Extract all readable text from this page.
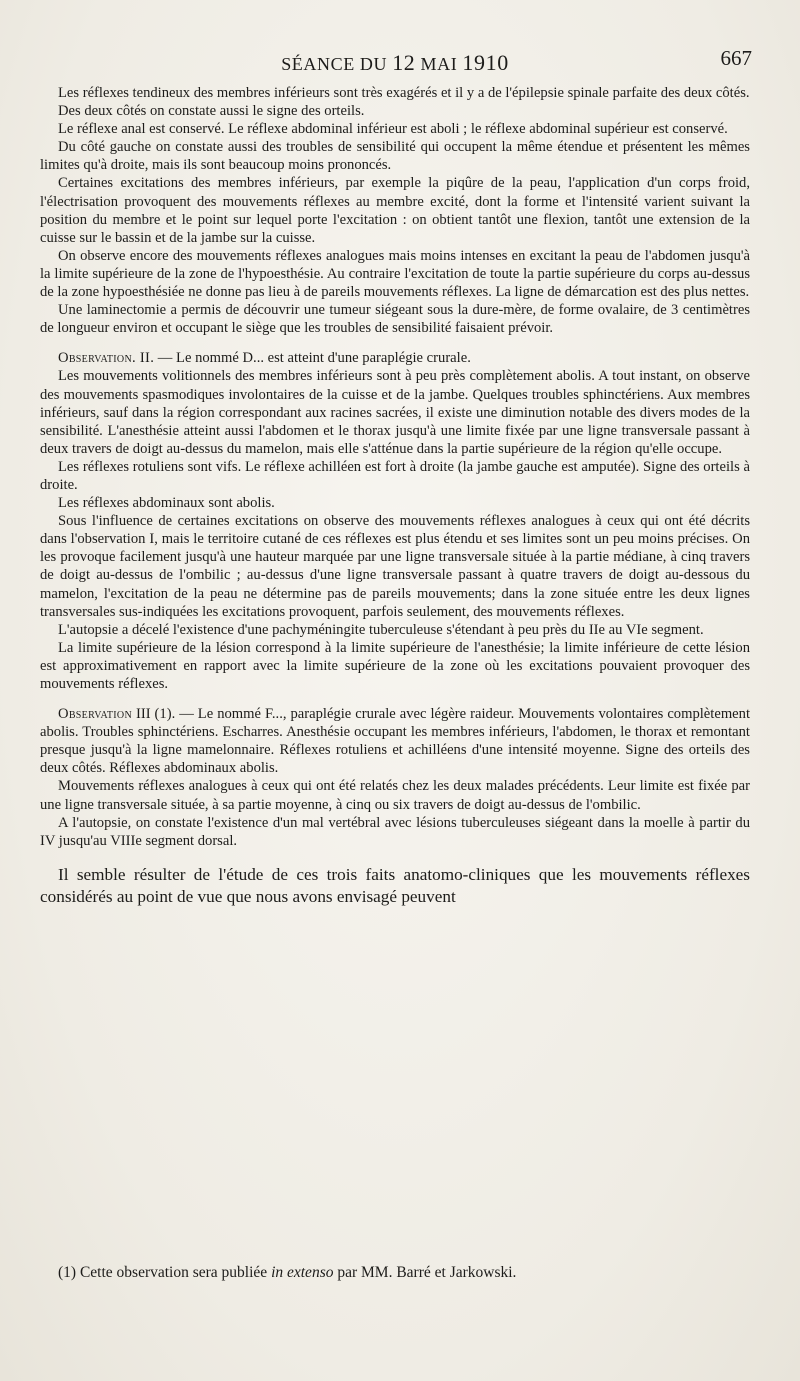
SÉANCE DU 12 MAI 1910	667

Les réflexes tendineux des membres inférieurs sont très exagérés et il y a de l'épilepsie spinale parfaite des deux côtés.

Des deux côtés on constate aussi le signe des orteils.

Le réflexe anal est conservé. Le réflexe abdominal inférieur est aboli ; le réflexe abdominal supérieur est conservé.

Du côté gauche on constate aussi des troubles de sensibilité qui occupent la même étendue et présentent les mêmes limites qu'à droite, mais ils sont beaucoup moins prononcés.

Certaines excitations des membres inférieurs, par exemple la piqûre de la peau, l'application d'un corps froid, l'électrisation provoquent des mouvements réflexes au membre excité, dont la forme et l'intensité varient suivant la position du membre et le point sur lequel porte l'excitation : on obtient tantôt une flexion, tantôt une extension de la cuisse sur le bassin et de la jambe sur la cuisse.

On observe encore des mouvements réflexes analogues mais moins intenses en excitant la peau de l'abdomen jusqu'à la limite supérieure de la zone de l'hypoesthésie. Au contraire l'excitation de toute la partie supérieure du corps au-dessus de la zone hypoesthésiée ne donne pas lieu à de pareils mouvements réflexes. La ligne de démarcation est des plus nettes.

Une laminectomie a permis de découvrir une tumeur siégeant sous la dure-mère, de forme ovalaire, de 3 centimètres de longueur environ et occupant le siège que les troubles de sensibilité faisaient prévoir.

Observation. II. — Le nommé D... est atteint d'une paraplégie crurale.

Les mouvements volitionnels des membres inférieurs sont à peu près complètement abolis. A tout instant, on observe des mouvements spasmodiques involontaires de la cuisse et de la jambe. Quelques troubles sphinctériens. Aux membres inférieurs, sauf dans la région correspondant aux racines sacrées, il existe une diminution notable des divers modes de la sensibilité. L'anesthésie atteint aussi l'abdomen et le thorax jusqu'à une limite fixée par une ligne transversale passant à deux travers de doigt au-dessus du mamelon, mais elle s'atténue dans la partie supérieure de la région qu'elle occupe.

Les réflexes rotuliens sont vifs. Le réflexe achilléen est fort à droite (la jambe gauche est amputée). Signe des orteils à droite.

Les réflexes abdominaux sont abolis.

Sous l'influence de certaines excitations on observe des mouvements réflexes analogues à ceux qui ont été décrits dans l'observation I, mais le territoire cutané de ces réflexes est plus étendu et ses limites sont un peu moins précises. On les provoque facilement jusqu'à une hauteur marquée par une ligne transversale située à la partie médiane, à cinq travers de doigt au-dessus de l'ombilic ; au-dessus d'une ligne transversale passant à quatre travers de doigt au-dessous du mamelon, l'excitation de la peau ne détermine pas de pareils mouvements; dans la zone située entre les deux lignes transversales sus-indiquées les excitations provoquent, parfois seulement, des mouvements réflexes.

L'autopsie a décelé l'existence d'une pachyméningite tuberculeuse s'étendant à peu près du IIe au VIe segment.

La limite supérieure de la lésion correspond à la limite supérieure de l'anesthésie; la limite inférieure de cette lésion est approximativement en rapport avec la limite supérieure de la zone où les excitations pouvaient provoquer des mouvements réflexes.

Observation III (1). — Le nommé F..., paraplégie crurale avec légère raideur. Mouvements volontaires complètement abolis. Troubles sphinctériens. Escharres. Anesthésie occupant les membres inférieurs, l'abdomen, le thorax et remontant presque jusqu'à la ligne mamelonnaire. Réflexes rotuliens et achilléens d'une intensité moyenne. Signe des orteils des deux côtés. Réflexes abdominaux abolis.

Mouvements réflexes analogues à ceux qui ont été relatés chez les deux malades précédents. Leur limite est fixée par une ligne transversale située, à sa partie moyenne, à cinq ou six travers de doigt au-dessus de l'ombilic.

A l'autopsie, on constate l'existence d'un mal vertébral avec lésions tuberculeuses siégeant dans la moelle à partir du IV jusqu'au VIIIe segment dorsal.

Il semble résulter de l'étude de ces trois faits anatomo-cliniques que les mouvements réflexes considérés au point de vue que nous avons envisagé peuvent

(1) Cette observation sera publiée in extenso par MM. Barré et Jarkowski.
